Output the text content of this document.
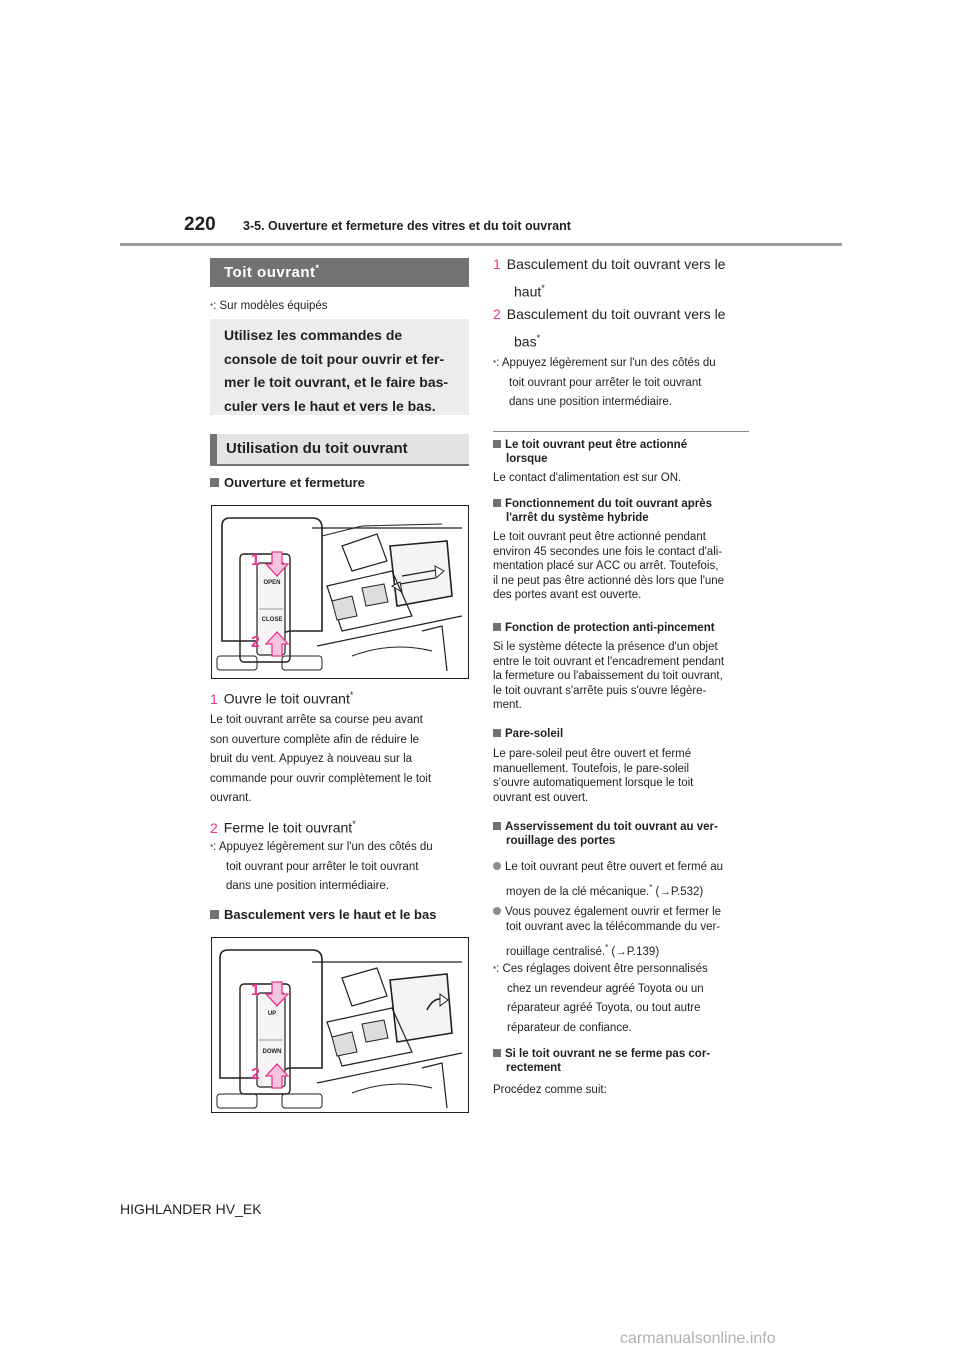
220 3-5. Ouverture et fermeture des vitres et du toit ouvrant
Toit ouvrant*
*: Sur modèles équipés
Utilisez les commandes de
console de toit pour ouvrir et fer-
mer le toit ouvrant, et le faire bas-
culer vers le haut et vers le bas.
Utilisation du toit ouvrant
Ouverture et fermeture
1
2
OPEN
CLOSE
1 Ouvre le toit ouvrant*
Le toit ouvrant arrête sa course peu avant
son ouverture complète afin de réduire le
bruit du vent. Appuyez à nouveau sur la
commande pour ouvrir complètement le toit
ouvrant.
2 Ferme le toit ouvrant*
*: Appuyez légèrement sur l'un des côtés du
toit ouvrant pour arrêter le toit ouvrant
dans une position intermédiaire.
Basculement vers le haut et le bas
1
2
UP
DOWN
1 Basculement du toit ouvrant vers le
haut*
2 Basculement du toit ouvrant vers le
bas*
*: Appuyez légèrement sur l'un des côtés du
toit ouvrant pour arrêter le toit ouvrant
dans une position intermédiaire.
Le toit ouvrant peut être actionné
lorsque
Le contact d'alimentation est sur ON.
Fonctionnement du toit ouvrant après
l'arrêt du système hybride
Le toit ouvrant peut être actionné pendant
environ 45 secondes une fois le contact d'ali-
mentation placé sur ACC ou arrêt. Toutefois,
il ne peut pas être actionné dès lors que l'une
des portes avant est ouverte.
Fonction de protection anti-pincement
Si le système détecte la présence d'un objet
entre le toit ouvrant et l'encadrement pendant
la fermeture ou l'abaissement du toit ouvrant,
le toit ouvrant s'arrête puis s'ouvre légère-
ment.
Pare-soleil
Le pare-soleil peut être ouvert et fermé
manuellement. Toutefois, le pare-soleil
s'ouvre automatiquement lorsque le toit
ouvrant est ouvert.
Asservissement du toit ouvrant au ver-
rouillage des portes
Le toit ouvrant peut être ouvert et fermé au
moyen de la clé mécanique.* (→P.532)
Vous pouvez également ouvrir et fermer le
toit ouvrant avec la télécommande du ver-
rouillage centralisé.* (→P.139)
*: Ces réglages doivent être personnalisés
chez un revendeur agréé Toyota ou un
réparateur agréé Toyota, ou tout autre
réparateur de confiance.
Si le toit ouvrant ne se ferme pas cor-
rectement
Procédez comme suit:
HIGHLANDER HV_EK
carmanualsonline.info
